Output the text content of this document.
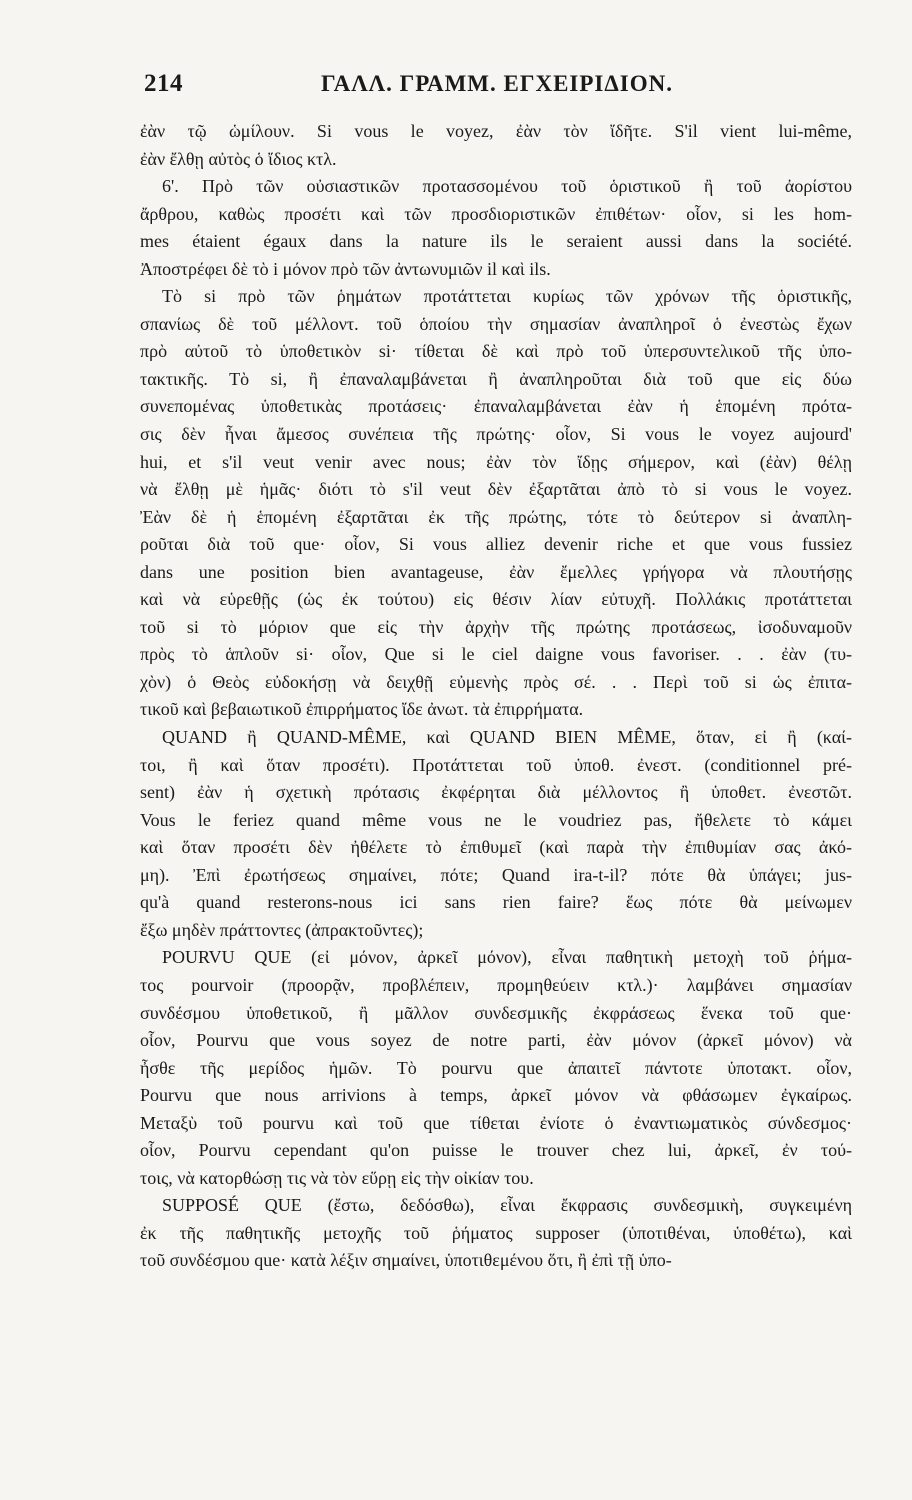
214	ΓΑΛΛ. ΓΡΑΜΜ. ΕΓΧΕΙΡΙΔΙΟΝ.
ἐὰν τῷ ὡμίλουν. Si vous le voyez, ἐὰν τὸν ἴδῆτε. S'il vient lui-même,
ἐὰν ἔλθῃ αὐτὸς ὁ ἴδιος κτλ.
6'. Πρὸ τῶν οὐσιαστικῶν προτασσομένου τοῦ ὁριστικοῦ ἢ τοῦ ἀορίστου
ἄρθρου, καθὼς προσέτι καὶ τῶν προσδιοριστικῶν ἐπιθέτων· οἷον, si les hom-
mes étaient égaux dans la nature ils le seraient aussi dans la société.
Ἀποστρέφει δὲ τὸ i μόνον πρὸ τῶν ἀντωνυμιῶν il καὶ ils.
Τὸ si πρὸ τῶν ῥημάτων προτάττεται κυρίως τῶν χρόνων τῆς ὁριστικῆς,
σπανίως δὲ τοῦ μέλλοντ. τοῦ ὁποίου τὴν σημασίαν ἀναπληροῖ ὁ ἐνεστὼς ἔχων
πρὸ αὐτοῦ τὸ ὑποθετικὸν si· τίθεται δὲ καὶ πρὸ τοῦ ὑπερσυντελικοῦ τῆς ὑπο-
τακτικῆς. Τὸ si, ἢ ἐπαναλαμβάνεται ἢ ἀναπληροῦται διὰ τοῦ que εἰς δύω
συνεπομένας ὑποθετικὰς προτάσεις· ἐπαναλαμβάνεται ἐὰν ἡ ἑπομένη πρότα-
σις δὲν ἦναι ἄμεσος συνέπεια τῆς πρώτης· οἷον, Si vous le voyez aujourd'
hui, et s'il veut venir avec nous; ἐὰν τὸν ἴδῃς σήμερον, καὶ (ἐὰν) θέλῃ
νὰ ἔλθῃ μὲ ἡμᾶς· διότι τὸ s'il veut δὲν ἐξαρτᾶται ἀπὸ τὸ si vous le voyez.
Ἐὰν δὲ ἡ ἑπομένη ἐξαρτᾶται ἐκ τῆς πρώτης, τότε τὸ δεύτερον si ἀναπλη-
ροῦται διὰ τοῦ que· οἷον, Si vous alliez devenir riche et que vous fussiez
dans une position bien avantageuse, ἐὰν ἔμελλες γρήγορα νὰ πλουτήσῃς
καὶ νὰ εὑρεθῇς (ὡς ἐκ τούτου) εἰς θέσιν λίαν εὐτυχῆ. Πολλάκις προτάττεται
τοῦ si τὸ μόριον que εἰς τὴν ἀρχὴν τῆς πρώτης προτάσεως, ἰσοδυναμοῦν
πρὸς τὸ ἁπλοῦν si· οἷον, Que si le ciel daigne vous favoriser. . . ἐὰν (τυ-
χὸν) ὁ Θεὸς εὐδοκήσῃ νὰ δειχθῇ εὐμενὴς πρὸς σέ. . . Περὶ τοῦ si ὡς ἐπιτα-
τικοῦ καὶ βεβαιωτικοῦ ἐπιρρήματος ἴδε ἀνωτ. τὰ ἐπιρρήματα.
QUAND ἢ QUAND-MÊME, καὶ QUAND BIEN MÊME, ὅταν, εἰ ἢ (καί-
τοι, ἢ καὶ ὅταν προσέτι). Προτάττεται τοῦ ὑποθ. ἐνεστ. (conditionnel pré-
sent) ἐὰν ἡ σχετικὴ πρότασις ἐκφέρηται διὰ μέλλοντος ἢ ὑποθετ. ἐνεστῶτ.
Vous le feriez quand même vous ne le voudriez pas, ἤθελετε τὸ κάμει
καὶ ὅταν προσέτι δὲν ἠθέλετε τὸ ἐπιθυμεῖ (καὶ παρὰ τὴν ἐπιθυμίαν σας ἀκό-
μη). Ἐπὶ ἐρωτήσεως σημαίνει, πότε; Quand ira-t-il? πότε θὰ ὑπάγει; jus-
qu'à quand resterons-nous ici sans rien faire? ἕως πότε θὰ μείνωμεν
ἔξω μηδὲν πράττοντες (ἀπρακτοῦντες);
POURVU QUE (εἰ μόνον, ἀρκεῖ μόνον), εἶναι παθητικὴ μετοχὴ τοῦ ῥήμα-
τος pourvoir (προορᾷν, προβλέπειν, προμηθεύειν κτλ.)· λαμβάνει σημασίαν
συνδέσμου ὑποθετικοῦ, ἢ μᾶλλον συνδεσμικῆς ἐκφράσεως ἕνεκα τοῦ que·
οἷον, Pourvu que vous soyez de notre parti, ἐὰν μόνον (ἀρκεῖ μόνον) νὰ
ἦσθε τῆς μερίδος ἡμῶν. Τὸ pourvu que ἀπαιτεῖ πάντοτε ὑποτακτ. οἷον,
Pourvu que nous arrivions à temps, ἀρκεῖ μόνον νὰ φθάσωμεν ἐγκαίρως.
Μεταξὺ τοῦ pourvu καὶ τοῦ que τίθεται ἐνίοτε ὁ ἐναντιωματικὸς σύνδεσμος·
οἷον, Pourvu cependant qu'on puisse le trouver chez lui, ἀρκεῖ, ἐν τού-
τοις, νὰ κατορθώσῃ τις νὰ τὸν εὕρῃ εἰς τὴν οἰκίαν του.
SUPPOSÉ QUE (ἔστω, δεδόσθω), εἶναι ἔκφρασις συνδεσμικὴ, συγκειμένη
ἐκ τῆς παθητικῆς μετοχῆς τοῦ ῥήματος supposer (ὑποτιθέναι, ὑποθέτω), καὶ
τοῦ συνδέσμου que· κατὰ λέξιν σημαίνει, ὑποτιθεμένου ὅτι, ἢ ἐπὶ τῇ ὑπο-
